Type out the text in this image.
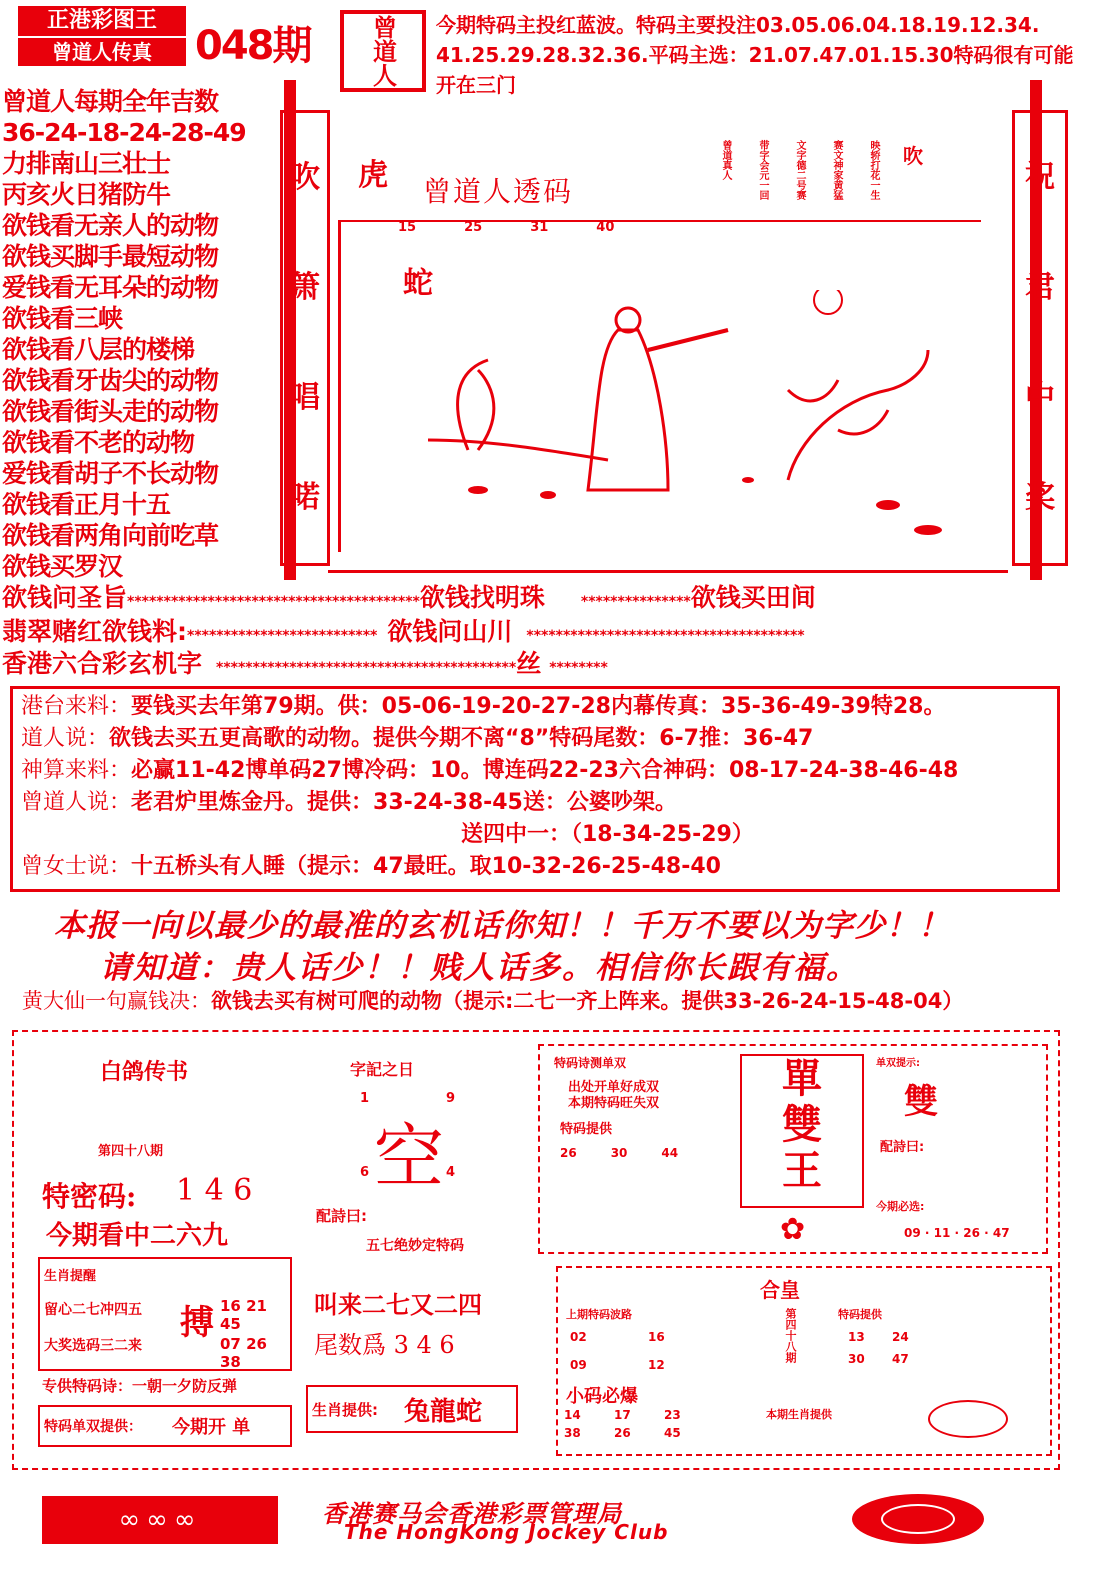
正港彩图王
曾道人传真	048期 曾道人 今期特码主投红蓝波。特码主要投注03.05.06.04.18.19.12.34.
41.25.29.28.32.36.平码主选：21.07.47.01.15.30特码很有可能
开在三门
曾道人每期全年吉数
36-24-18-24-28-49
力排南山三壮士
丙亥火日猪防牛
欲钱看无亲人的动物
欲钱买脚手最短动物
爱钱看无耳朵的动物
欲钱看三峡
欲钱看八层的楼梯
欲钱看牙齿尖的动物
欲钱看街头走的动物
欲钱看不老的动物
爱钱看胡子不长动物
欲钱看正月十五
欲钱看两角向前吃草
欲钱买罗汉
吹
箫
唱
喏
祝
君
中
奖
虎 曾道人透码
曾道真人	带字会元一回	文字德二号赛	赛文神家黄猛	映轿打花一生 吹
15	25	31	40
蛇
欲钱问圣旨****************************************欲钱找明珠	***************欲钱买田间
翡翠赌红欲钱料:************************** 欲钱问山川 **************************************
香港六合彩玄机字 *****************************************丝 ********
港台来料：要钱买去年第79期。供：05-06-19-20-27-28内幕传真：35-36-49-39特28。
道人说：欲钱去买五更高歌的动物。提供今期不离“8”特码尾数：6-7推：36-47
神算来料：必赢11-42博单码27博冷码：10。博连码22-23六合神码：08-17-24-38-46-48
曾道人说：老君炉里炼金丹。提供：33-24-38-45送：公婆吵架。
送四中一：（18-34-25-29）
曾女士说：十五桥头有人睡（提示：47最旺。取10-32-26-25-48-40
本报一向以最少的最准的玄机话你知！！千万不要以为字少！！
请知道：贵人话少！！贱人话多。相信你长跟有福。
黄大仙一句赢钱决：欲钱去买有树可爬的动物（提示:二七一齐上阵来。提供33-26-24-15-48-04）
白鸽传书
第四十八期
特密码: 1 4 6
今期看中二六九
生肖提醒
留心二七冲四五
大奖选码三二来
搏 16 21 45
07 26 38
专供特码诗：一朝一夕防反弹
特码单双提供： 今期开 单
字記之日
1	9
空
6	4
配詩曰:
五七绝妙定特码
叫来二七又二四
尾数爲 3 4 6
生肖提供: 兔龍蛇
特码诗测单双
出处开单好成双
本期特码旺失双
特码提供
26	30	44
單
雙
王
✿
单双提示:
雙
配詩曰:
今期必选:
09 · 11 · 26 · 47
合皇
上期特码波路
02	16
09	12
第四十八期	特码提供
13 24
30 47
小码必爆
14	17	23
38	26	45
本期生肖提供
∞∞∞	香港赛马会香港彩票管理局
The HongKong Jockey Club
